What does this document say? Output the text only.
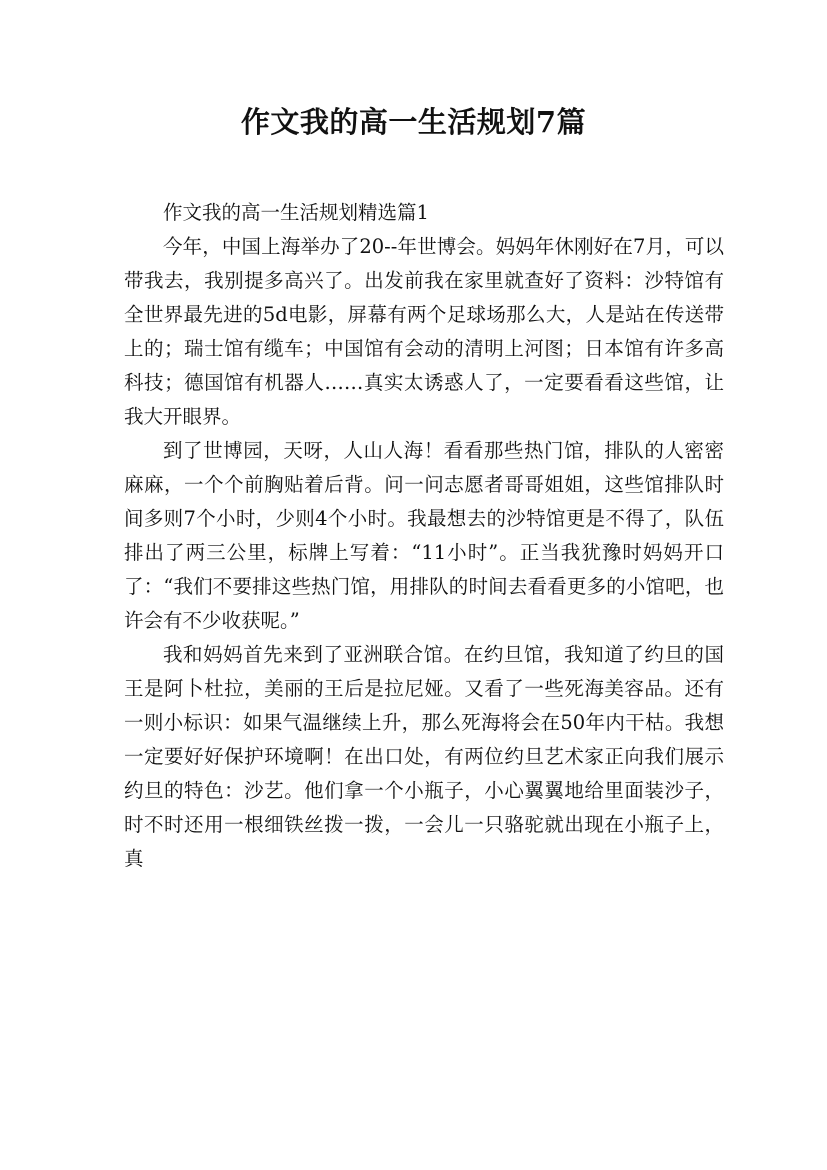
作文我的高一生活规划7篇

作文我的高一生活规划精选篇1

今年，中国上海举办了20--年世博会。妈妈年休刚好在7月，可以带我去，我别提多高兴了。出发前我在家里就查好了资料：沙特馆有全世界最先进的5d电影，屏幕有两个足球场那么大，人是站在传送带上的；瑞士馆有缆车；中国馆有会动的清明上河图；日本馆有许多高科技；德国馆有机器人……真实太诱惑人了，一定要看看这些馆，让我大开眼界。

到了世博园，天呀，人山人海！看看那些热门馆，排队的人密密麻麻，一个个前胸贴着后背。问一问志愿者哥哥姐姐，这些馆排队时间多则7个小时，少则4个小时。我最想去的沙特馆更是不得了，队伍排出了两三公里，标牌上写着：“11小时”。正当我犹豫时妈妈开口了：“我们不要排这些热门馆，用排队的时间去看看更多的小馆吧，也许会有不少收获呢。”

我和妈妈首先来到了亚洲联合馆。在约旦馆，我知道了约旦的国王是阿卜杜拉，美丽的王后是拉尼娅。又看了一些死海美容品。还有一则小标识：如果气温继续上升，那么死海将会在50年内干枯。我想一定要好好保护环境啊！在出口处，有两位约旦艺术家正向我们展示约旦的特色：沙艺。他们拿一个小瓶子，小心翼翼地给里面装沙子，时不时还用一根细铁丝拨一拨，一会儿一只骆驼就出现在小瓶子上，真
